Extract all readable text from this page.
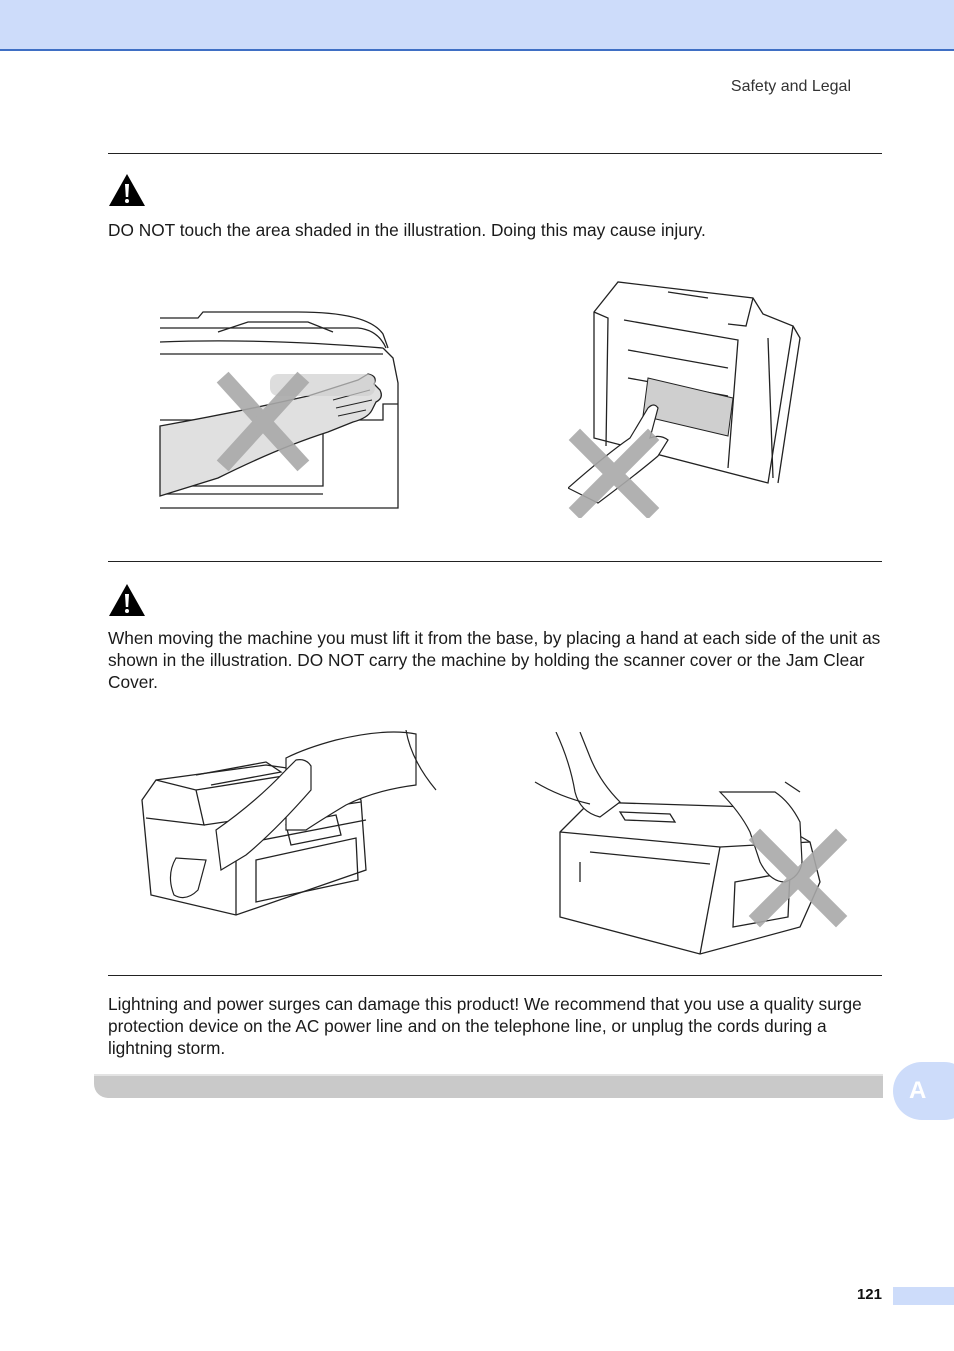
Safety and Legal
DO NOT touch the area shaded in the illustration. Doing this may cause injury.
When moving the machine you must lift it from the base, by placing a hand at each side of the unit as shown in the illustration. DO NOT carry the machine by holding the scanner cover or the Jam Clear Cover.
Lightning and power surges can damage this product! We recommend that you use a quality surge protection device on the AC power line and on the telephone line, or unplug the cords during a lightning storm.
A
121
